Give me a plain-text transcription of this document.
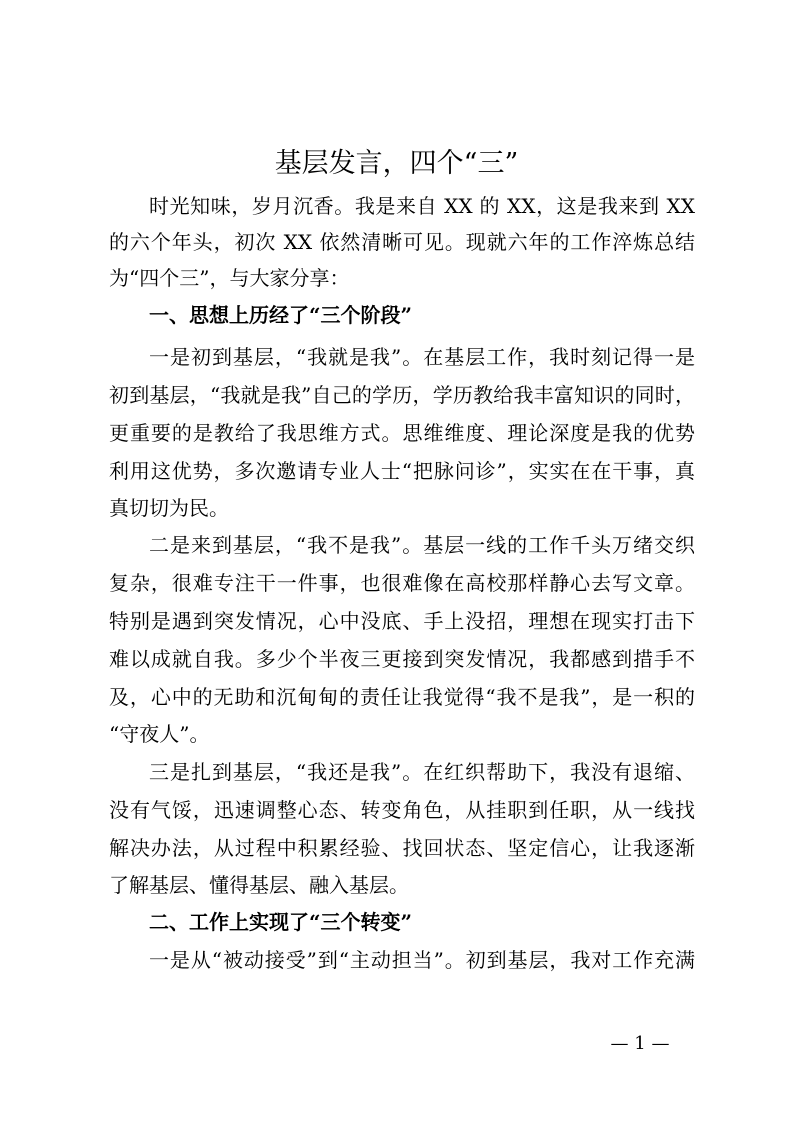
基层发言，四个“三”
时光知味，岁月沉香。我是来自 XX 的 XX，这是我来到 XX
的六个年头，初次 XX 依然清晰可见。现就六年的工作淬炼总结
为“四个三”，与大家分享：
一、思想上历经了“三个阶段”
一是初到基层，“我就是我”。在基层工作，我时刻记得一是
初到基层，“我就是我”自己的学历，学历教给我丰富知识的同时，
更重要的是教给了我思维方式。思维维度、理论深度是我的优势
利用这优势，多次邀请专业人士“把脉问诊”，实实在在干事，真
真切切为民。
二是来到基层，“我不是我”。基层一线的工作千头万绪交织
复杂，很难专注干一件事，也很难像在高校那样静心去写文章。
特别是遇到突发情况，心中没底、手上没招，理想在现实打击下
难以成就自我。多少个半夜三更接到突发情况，我都感到措手不
及，心中的无助和沉甸甸的责任让我觉得“我不是我”，是一积的
“守夜人”。
三是扎到基层，“我还是我”。在红织帮助下，我没有退缩、
没有气馁，迅速调整心态、转变角色，从挂职到任职，从一线找
解决办法，从过程中积累经验、找回状态、坚定信心，让我逐渐
了解基层、懂得基层、融入基层。
二、工作上实现了“三个转变”
一是从“被动接受”到“主动担当”。初到基层，我对工作充满
— 1 —
